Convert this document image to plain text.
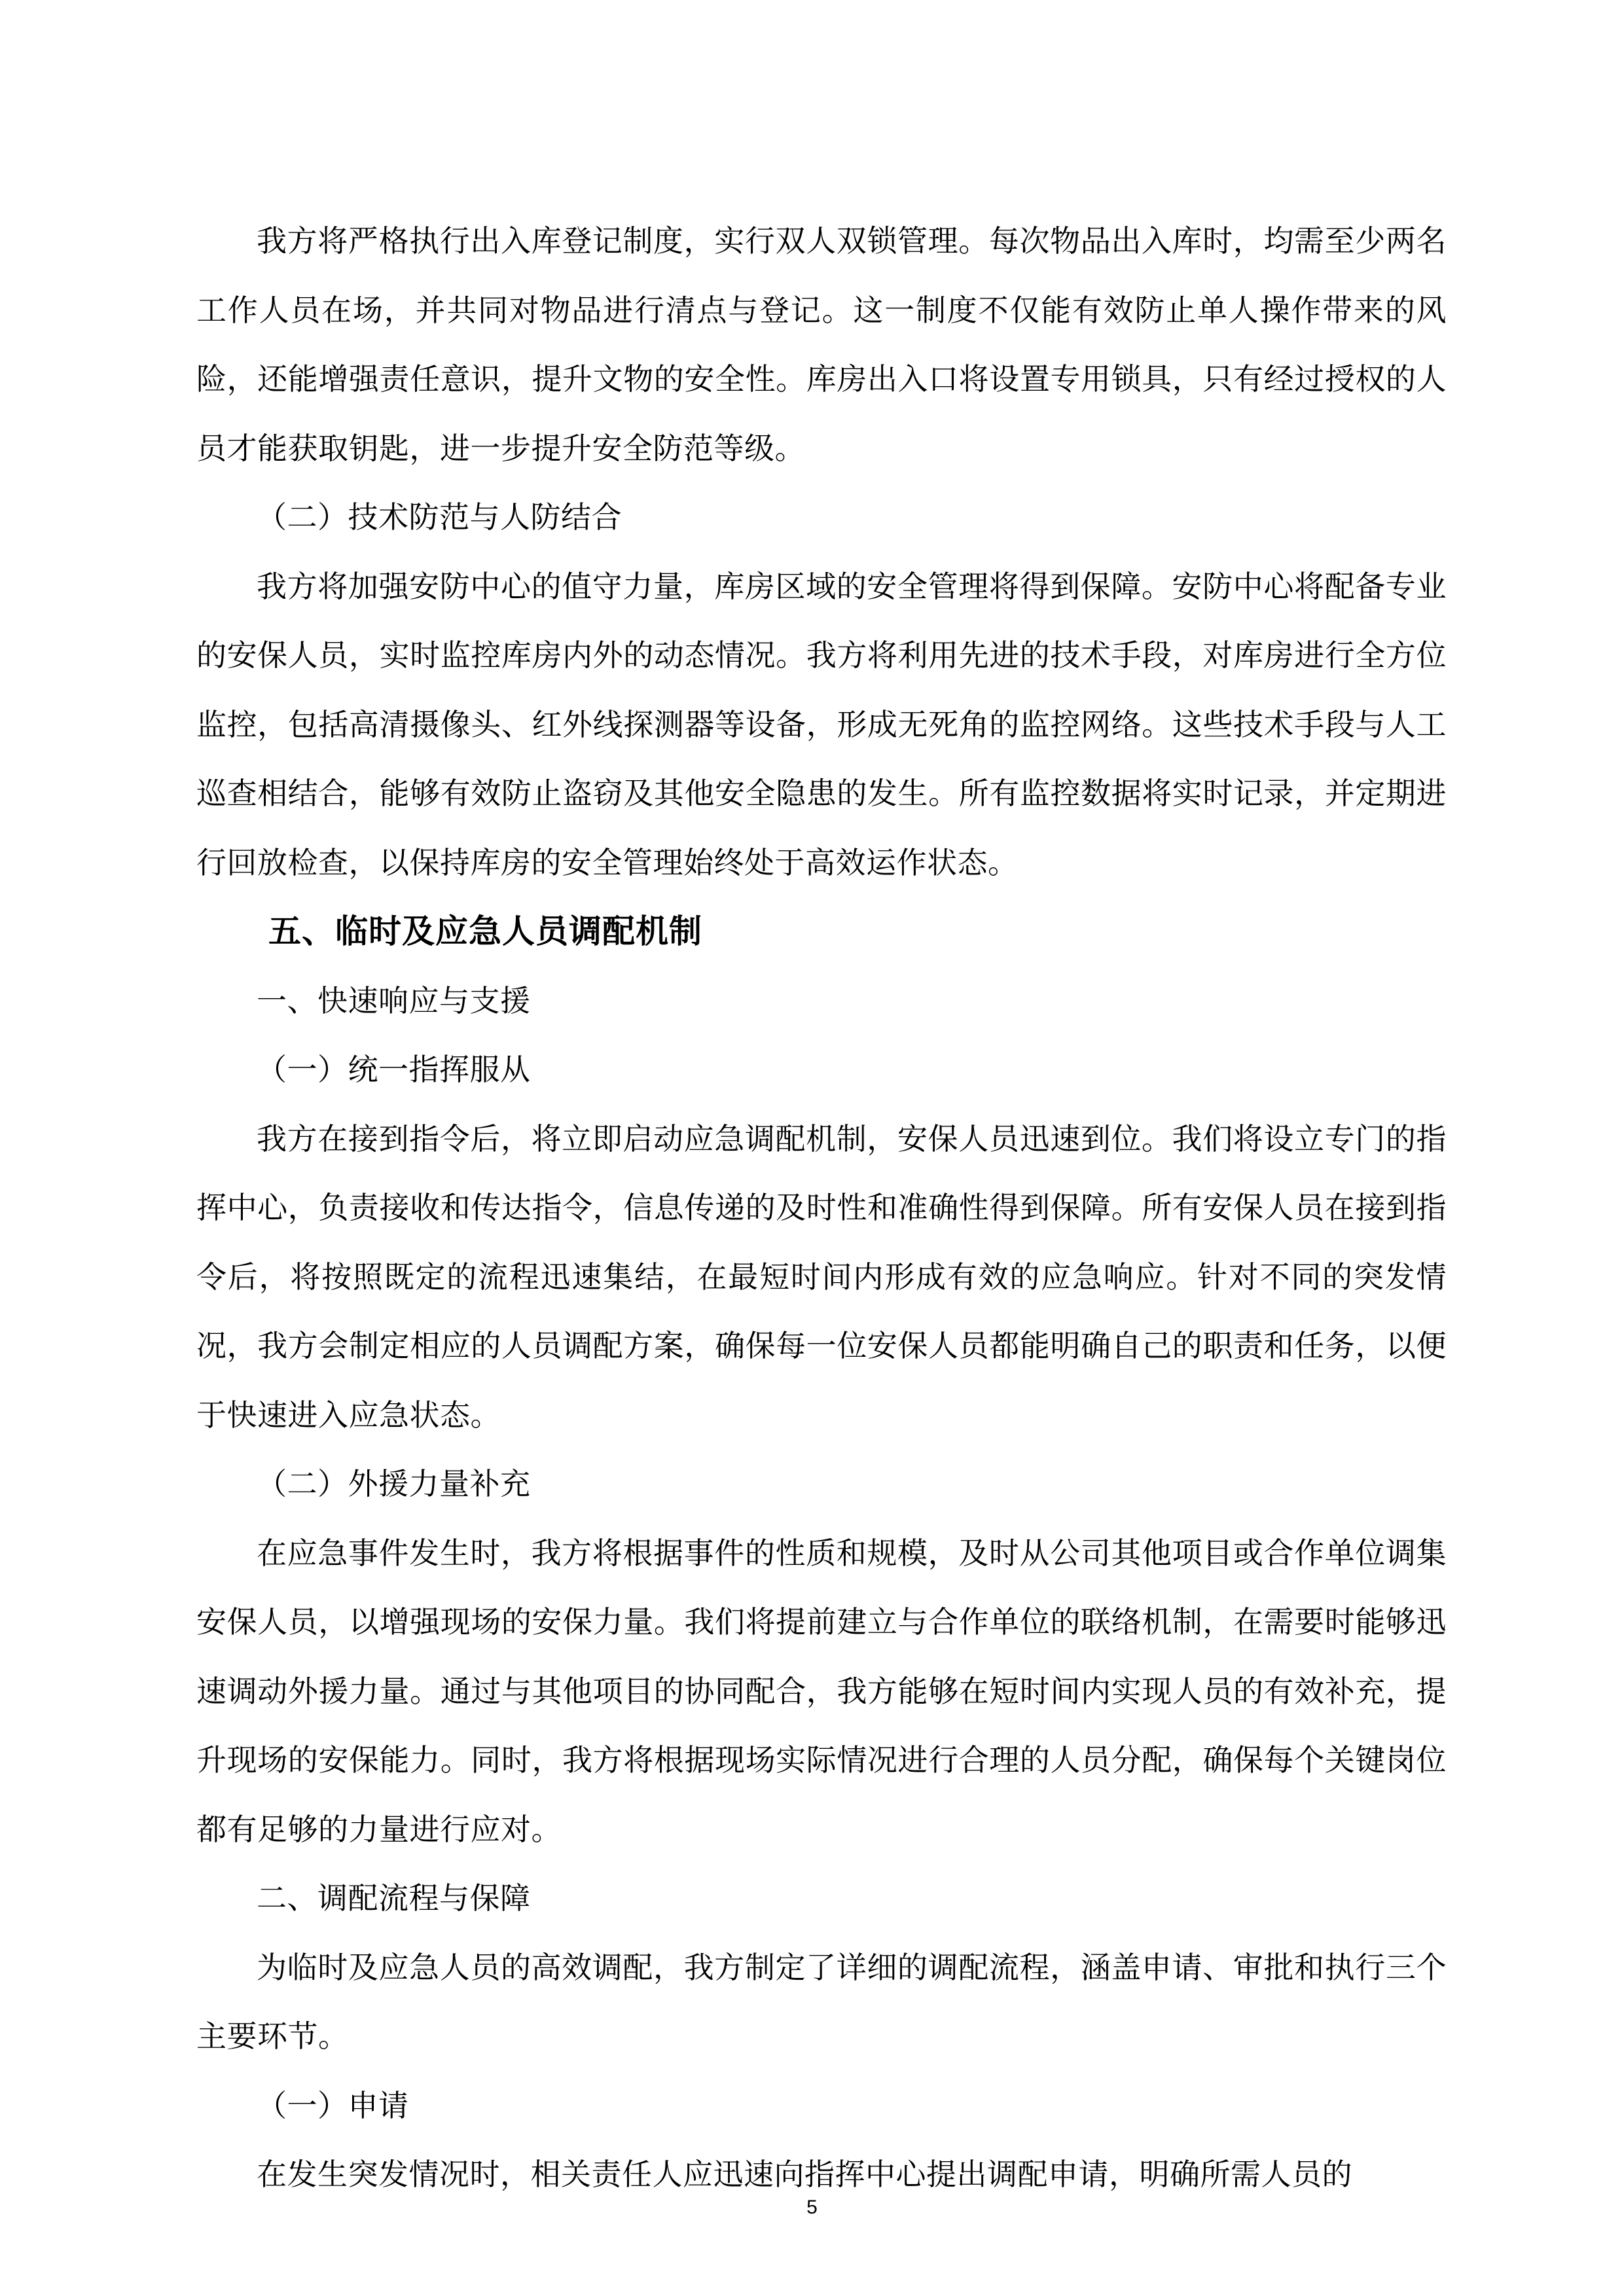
我方将严格执行出入库登记制度，实行双人双锁管理。每次物品出入库时，均需至少两名工作人员在场，并共同对物品进行清点与登记。这一制度不仅能有效防止单人操作带来的风险，还能增强责任意识，提升文物的安全性。库房出入口将设置专用锁具，只有经过授权的人员才能获取钥匙，进一步提升安全防范等级。

（二）技术防范与人防结合

我方将加强安防中心的值守力量，库房区域的安全管理将得到保障。安防中心将配备专业的安保人员，实时监控库房内外的动态情况。我方将利用先进的技术手段，对库房进行全方位监控，包括高清摄像头、红外线探测器等设备，形成无死角的监控网络。这些技术手段与人工巡查相结合，能够有效防止盗窃及其他安全隐患的发生。所有监控数据将实时记录，并定期进行回放检查，以保持库房的安全管理始终处于高效运作状态。

五、临时及应急人员调配机制

一、快速响应与支援

（一）统一指挥服从

我方在接到指令后，将立即启动应急调配机制，安保人员迅速到位。我们将设立专门的指挥中心，负责接收和传达指令，信息传递的及时性和准确性得到保障。所有安保人员在接到指令后，将按照既定的流程迅速集结，在最短时间内形成有效的应急响应。针对不同的突发情况，我方会制定相应的人员调配方案，确保每一位安保人员都能明确自己的职责和任务，以便于快速进入应急状态。

（二）外援力量补充

在应急事件发生时，我方将根据事件的性质和规模，及时从公司其他项目或合作单位调集安保人员，以增强现场的安保力量。我们将提前建立与合作单位的联络机制，在需要时能够迅速调动外援力量。通过与其他项目的协同配合，我方能够在短时间内实现人员的有效补充，提升现场的安保能力。同时，我方将根据现场实际情况进行合理的人员分配，确保每个关键岗位都有足够的力量进行应对。

二、调配流程与保障

为临时及应急人员的高效调配，我方制定了详细的调配流程，涵盖申请、审批和执行三个主要环节。

（一）申请

在发生突发情况时，相关责任人应迅速向指挥中心提出调配申请，明确所需人员的

5
